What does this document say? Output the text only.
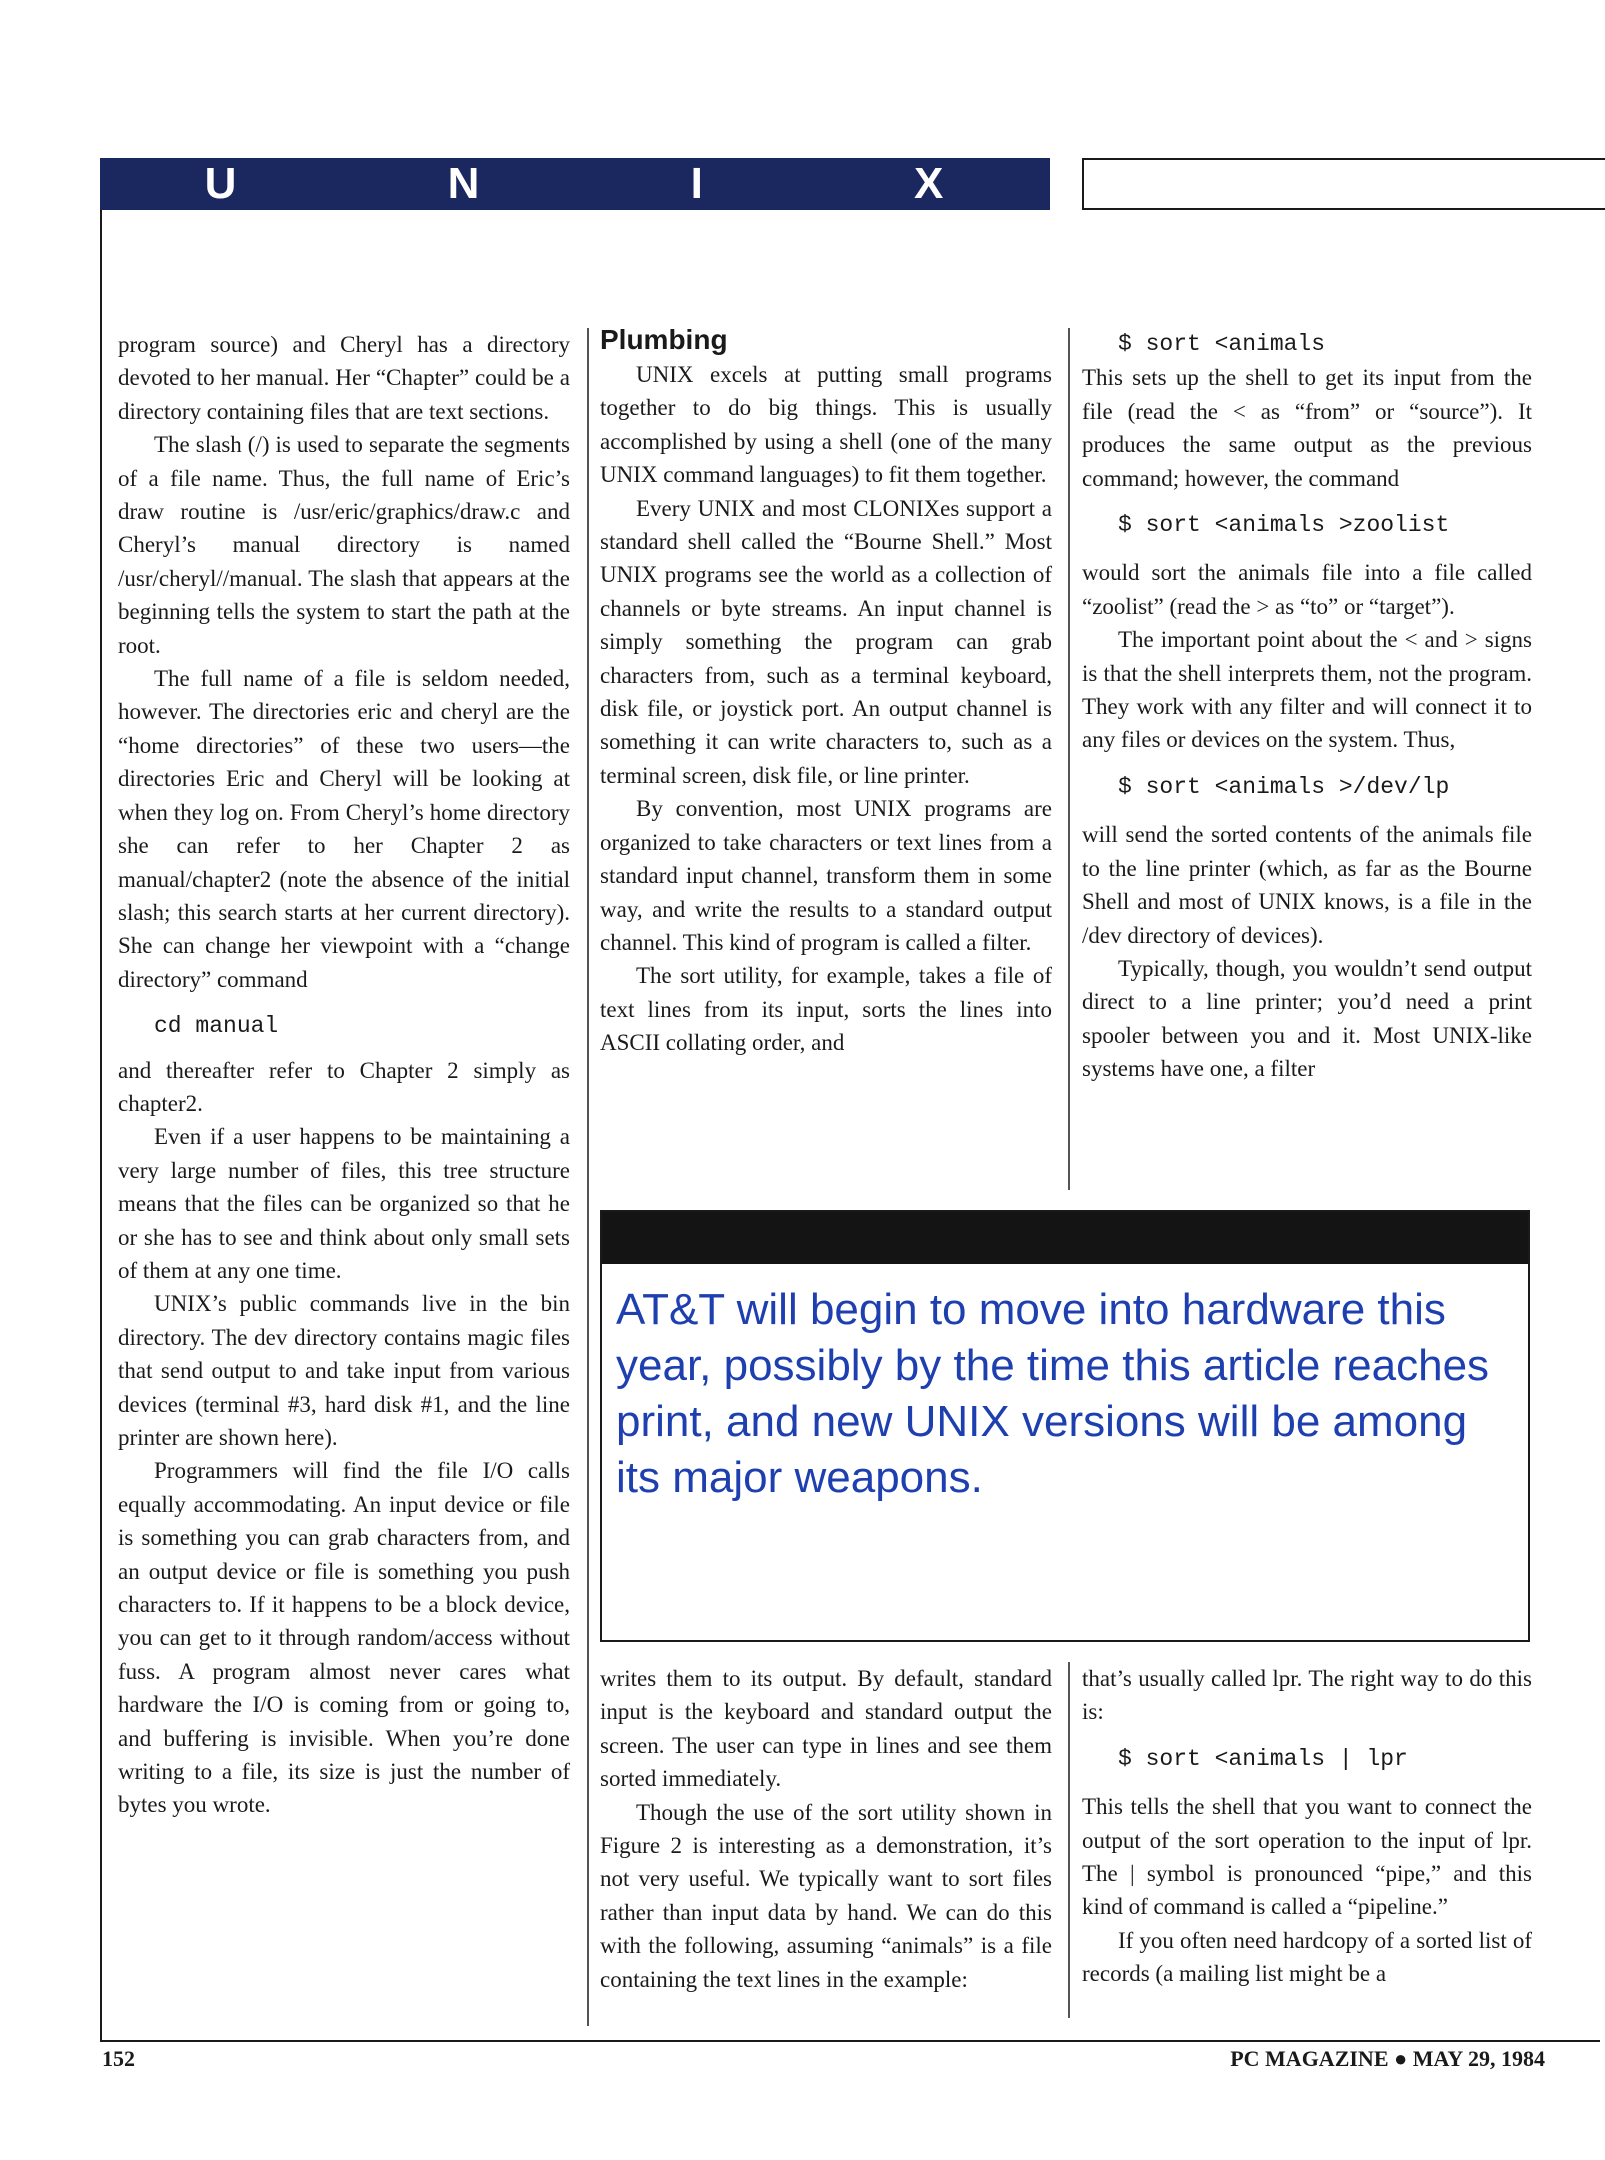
U	N	I	X

program source) and Cheryl has a directory devoted to her manual. Her “Chapter” could be a directory containing files that are text sections.

The slash (/) is used to separate the segments of a file name. Thus, the full name of Eric’s draw routine is /usr/eric/graphics/draw.c and Cheryl’s manual directory is named /usr/cheryl//manual. The slash that appears at the beginning tells the system to start the path at the root.

The full name of a file is seldom needed, however. The directories eric and cheryl are the “home directories” of these two users—the directories Eric and Cheryl will be looking at when they log on. From Cheryl’s home directory she can refer to her Chapter 2 as manual/chapter2 (note the absence of the initial slash; this search starts at her current directory). She can change her viewpoint with a “change directory” command

cd manual

and thereafter refer to Chapter 2 simply as chapter2.

Even if a user happens to be maintaining a very large number of files, this tree structure means that the files can be organized so that he or she has to see and think about only small sets of them at any one time.

UNIX’s public commands live in the bin directory. The dev directory contains magic files that send output to and take input from various devices (terminal #3, hard disk #1, and the line printer are shown here).

Programmers will find the file I/O calls equally accommodating. An input device or file is something you can grab characters from, and an output device or file is something you push characters to. If it happens to be a block device, you can get to it through random/access without fuss. A program almost never cares what hardware the I/O is coming from or going to, and buffering is invisible. When you’re done writing to a file, its size is just the number of bytes you wrote.

Plumbing

UNIX excels at putting small programs together to do big things. This is usually accomplished by using a shell (one of the many UNIX command languages) to fit them together.

Every UNIX and most CLONIXes support a standard shell called the “Bourne Shell.” Most UNIX programs see the world as a collection of channels or byte streams. An input channel is simply something the program can grab characters from, such as a terminal keyboard, disk file, or joystick port. An output channel is something it can write characters to, such as a terminal screen, disk file, or line printer.

By convention, most UNIX programs are organized to take characters or text lines from a standard input channel, transform them in some way, and write the results to a standard output channel. This kind of program is called a filter.

The sort utility, for example, takes a file of text lines from its input, sorts the lines into ASCII collating order, and

$ sort <animals

This sets up the shell to get its input from the file (read the < as “from” or “source”). It produces the same output as the previous command; however, the command

$ sort <animals >zoolist

would sort the animals file into a file called “zoolist” (read the > as “to” or “target”).

The important point about the < and > signs is that the shell interprets them, not the program. They work with any filter and will connect it to any files or devices on the system. Thus,

$ sort <animals >/dev/lp

will send the sorted contents of the animals file to the line printer (which, as far as the Bourne Shell and most of UNIX knows, is a file in the /dev directory of devices).

Typically, though, you wouldn’t send output direct to a line printer; you’d need a print spooler between you and it. Most UNIX-like systems have one, a filter

AT&T will begin to move into hardware this year, possibly by the time this article reaches print, and new UNIX versions will be among its major weapons.

writes them to its output. By default, standard input is the keyboard and standard output the screen. The user can type in lines and see them sorted immediately.

Though the use of the sort utility shown in Figure 2 is interesting as a demonstration, it’s not very useful. We typically want to sort files rather than input data by hand. We can do this with the following, assuming “animals” is a file containing the text lines in the example:

that’s usually called lpr. The right way to do this is:

$ sort <animals | lpr

This tells the shell that you want to connect the output of the sort operation to the input of lpr. The | symbol is pronounced “pipe,” and this kind of command is called a “pipeline.”

If you often need hardcopy of a sorted list of records (a mailing list might be a

152	PC MAGAZINE ● MAY 29, 1984
